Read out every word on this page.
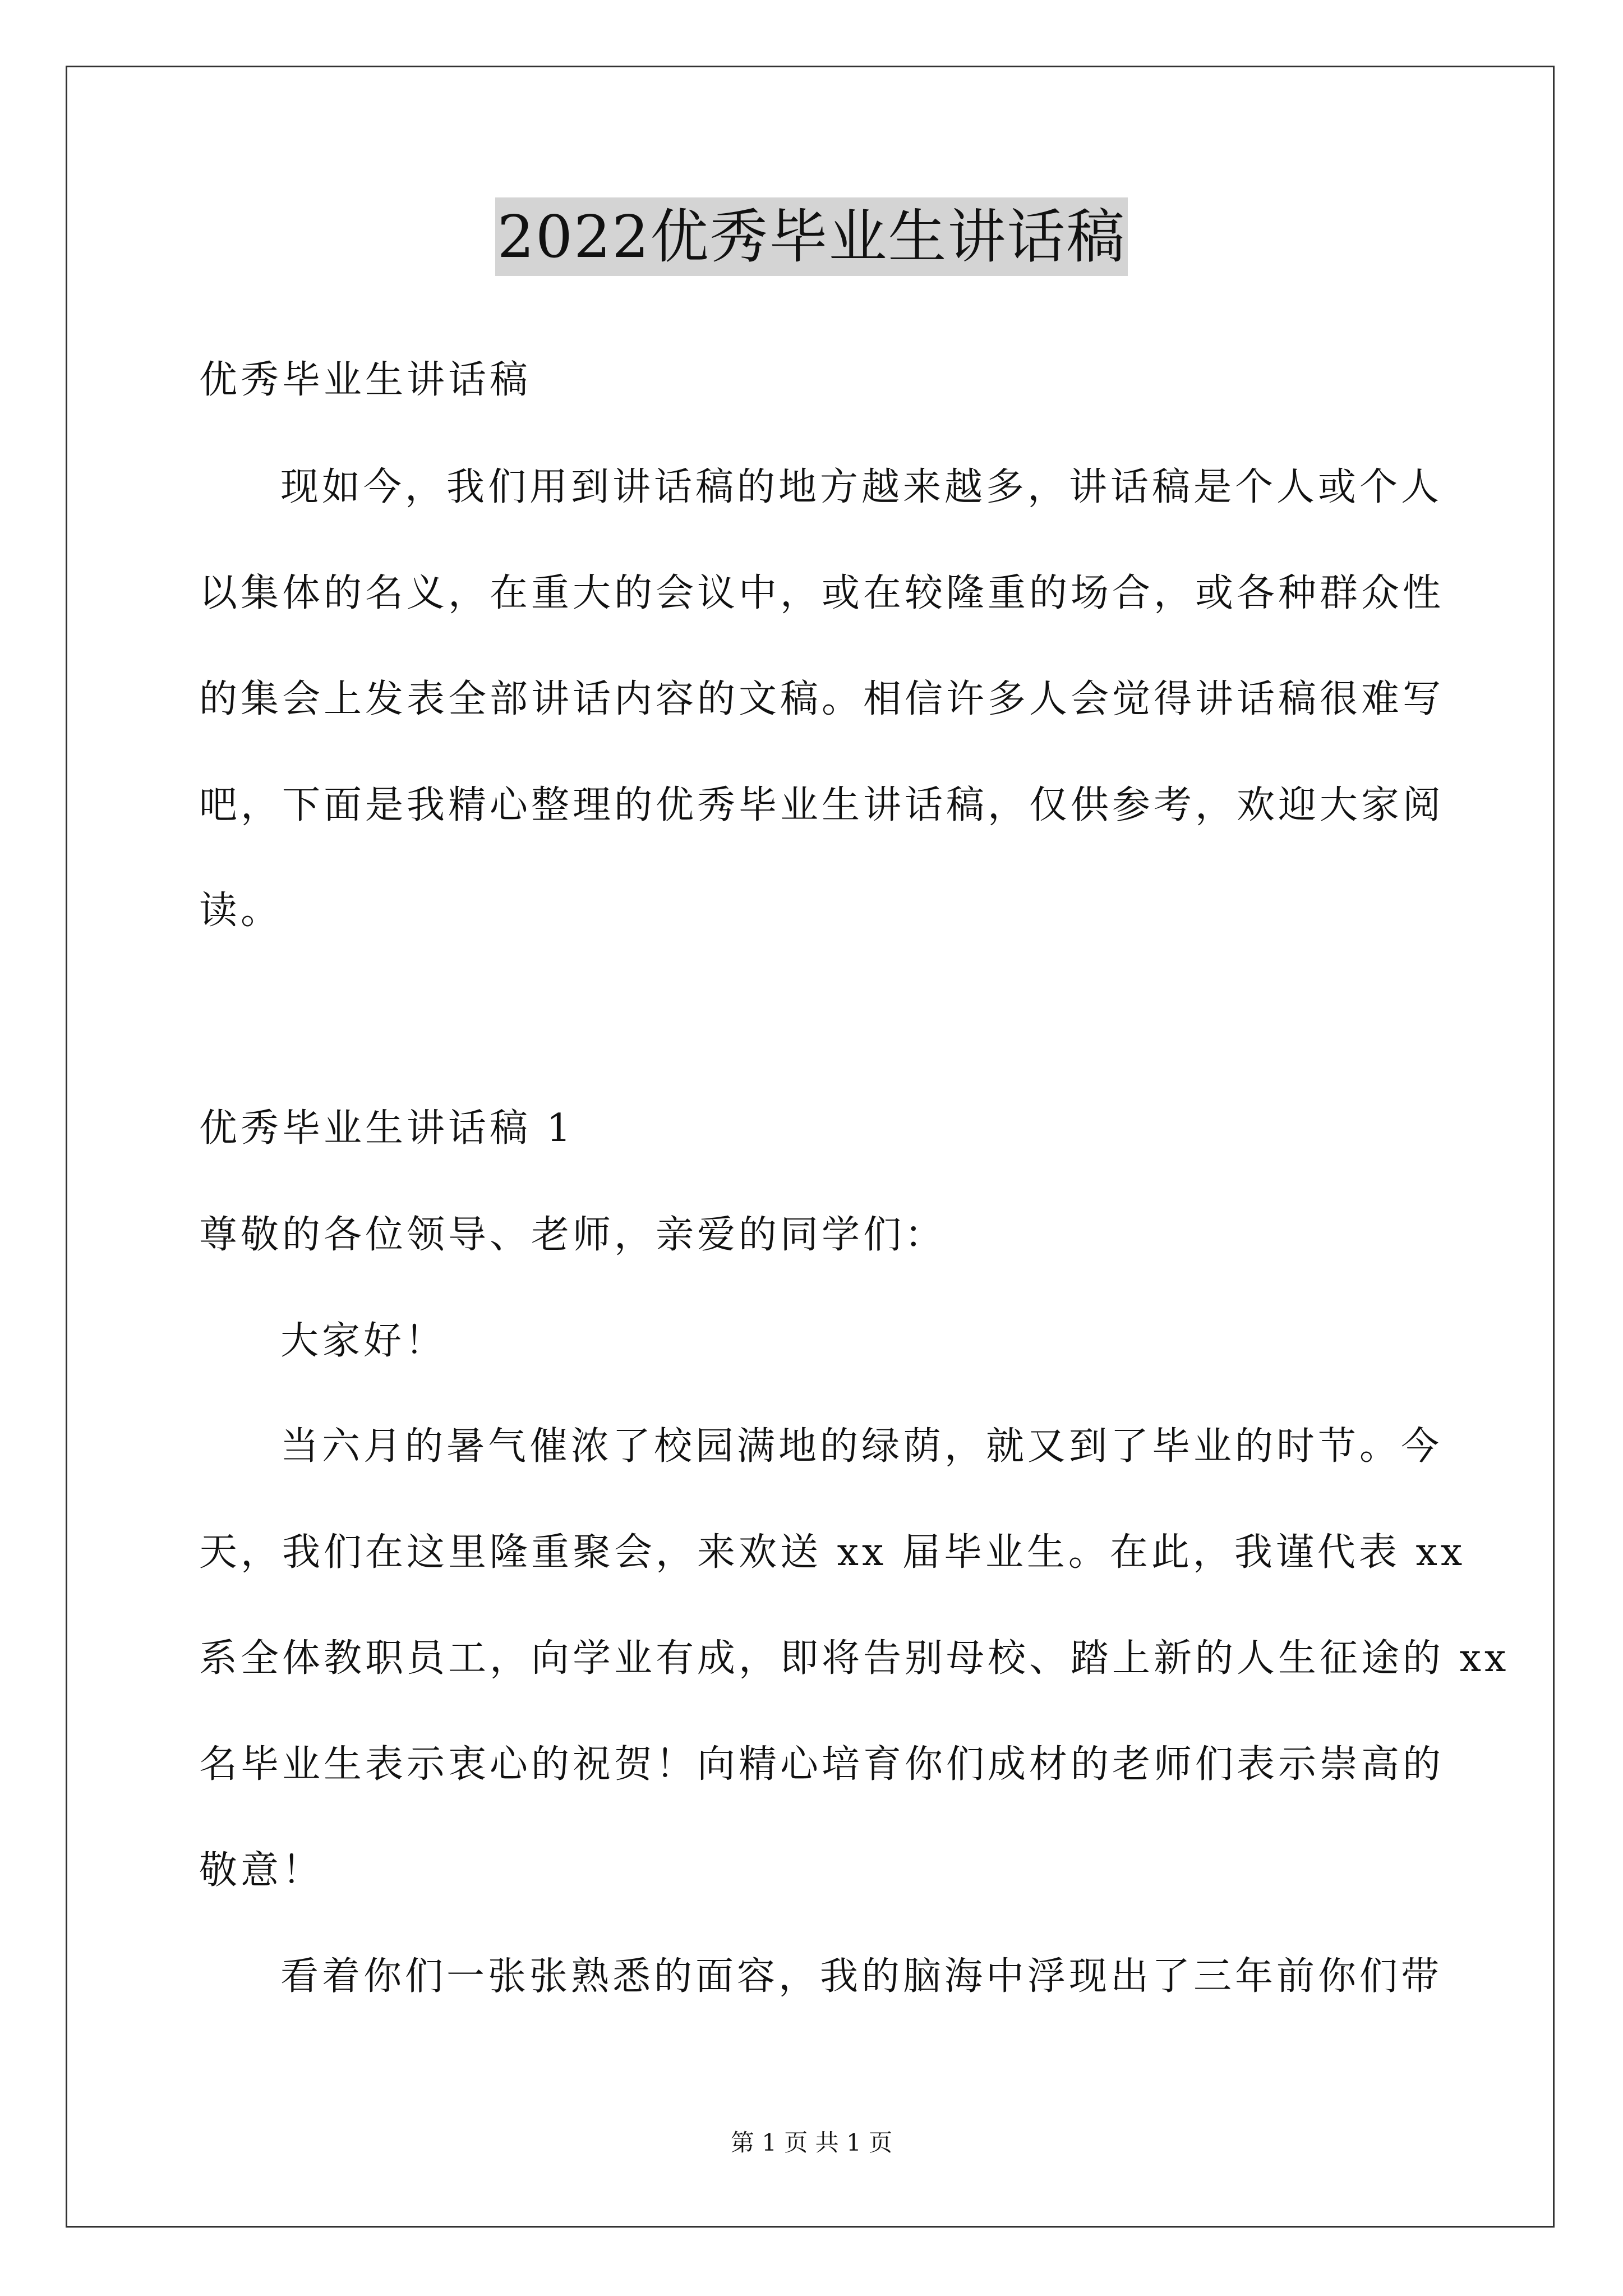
2022优秀毕业生讲话稿
优秀毕业生讲话稿
现如今，我们用到讲话稿的地方越来越多，讲话稿是个人或个人
以集体的名义，在重大的会议中，或在较隆重的场合，或各种群众性
的集会上发表全部讲话内容的文稿。相信许多人会觉得讲话稿很难写
吧，下面是我精心整理的优秀毕业生讲话稿，仅供参考，欢迎大家阅
读。
优秀毕业生讲话稿 1
尊敬的各位领导、老师，亲爱的同学们：
大家好！
当六月的暑气催浓了校园满地的绿荫，就又到了毕业的时节。今
天，我们在这里隆重聚会，来欢送 xx 届毕业生。在此，我谨代表 xx
系全体教职员工，向学业有成，即将告别母校、踏上新的人生征途的 xx
名毕业生表示衷心的祝贺！向精心培育你们成材的老师们表示崇高的
敬意！
看着你们一张张熟悉的面容，我的脑海中浮现出了三年前你们带
第 1 页 共 1 页
